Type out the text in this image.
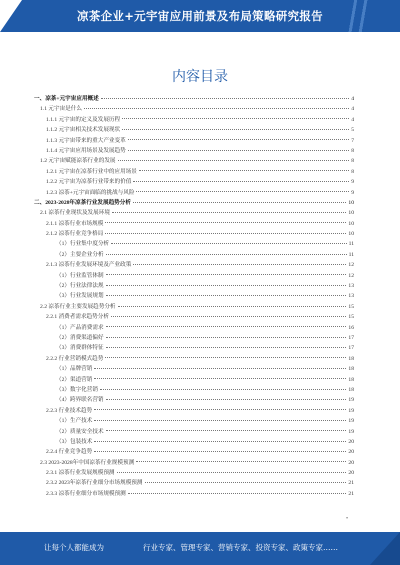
凉茶企业+元宇宙应用前景及布局策略研究报告
内容目录
一、凉茶+元宇宙应用概述	4
1.1 元宇宙是什么	4
1.1.1 元宇宙的定义及发展历程	4
1.1.2 元宇宙相关技术发展现状	5
1.1.3 元宇宙带来的重大产业变革	7
1.1.4 元宇宙应用场景及发展趋势	8
1.2 元宇宙赋能凉茶行业的发展	8
1.2.1 元宇宙在凉茶行业中的应用场景	8
1.2.2 元宇宙为凉茶行业带来的价值	9
1.2.3 凉茶+元宇宙面临的挑战与风险	9
二、2023-2028年凉茶行业发展趋势分析	10
2.1 凉茶行业现状及发展环境	10
2.1.1 凉茶行业市场规模	10
2.1.2 凉茶行业竞争格局	10
（1）行业集中度分析	11
（2）主要企业分析	11
2.1.3 凉茶行业发展环境及产业政策	12
（1）行业监管体制	12
（2）行业法律法规	13
（3）行业发展规划	13
2.2 凉茶行业主要发展趋势分析	15
2.2.1 消费者需求趋势分析	15
（1）产品消费需求	16
（2）消费渠道偏好	17
（3）消费群体特征	17
2.2.2 行业营销模式趋势	18
（1）品牌营销	18
（2）渠道营销	18
（3）数字化营销	18
（4）跨界联名营销	19
2.2.3 行业技术趋势	19
（1）生产技术	19
（2）质量安全技术	19
（3）包装技术	20
2.2.4 行业竞争趋势	20
2.3 2023-2028年中国凉茶行业规模预测	20
2.3.1 凉茶行业发展规模预测	20
2.3.2 2023年凉茶行业细分市场规模预测	21
2.3.3 凉茶行业细分市场规模预测	21
•
让每个人都能成为	行业专家、管理专家、营销专家、投资专家、政策专家……
